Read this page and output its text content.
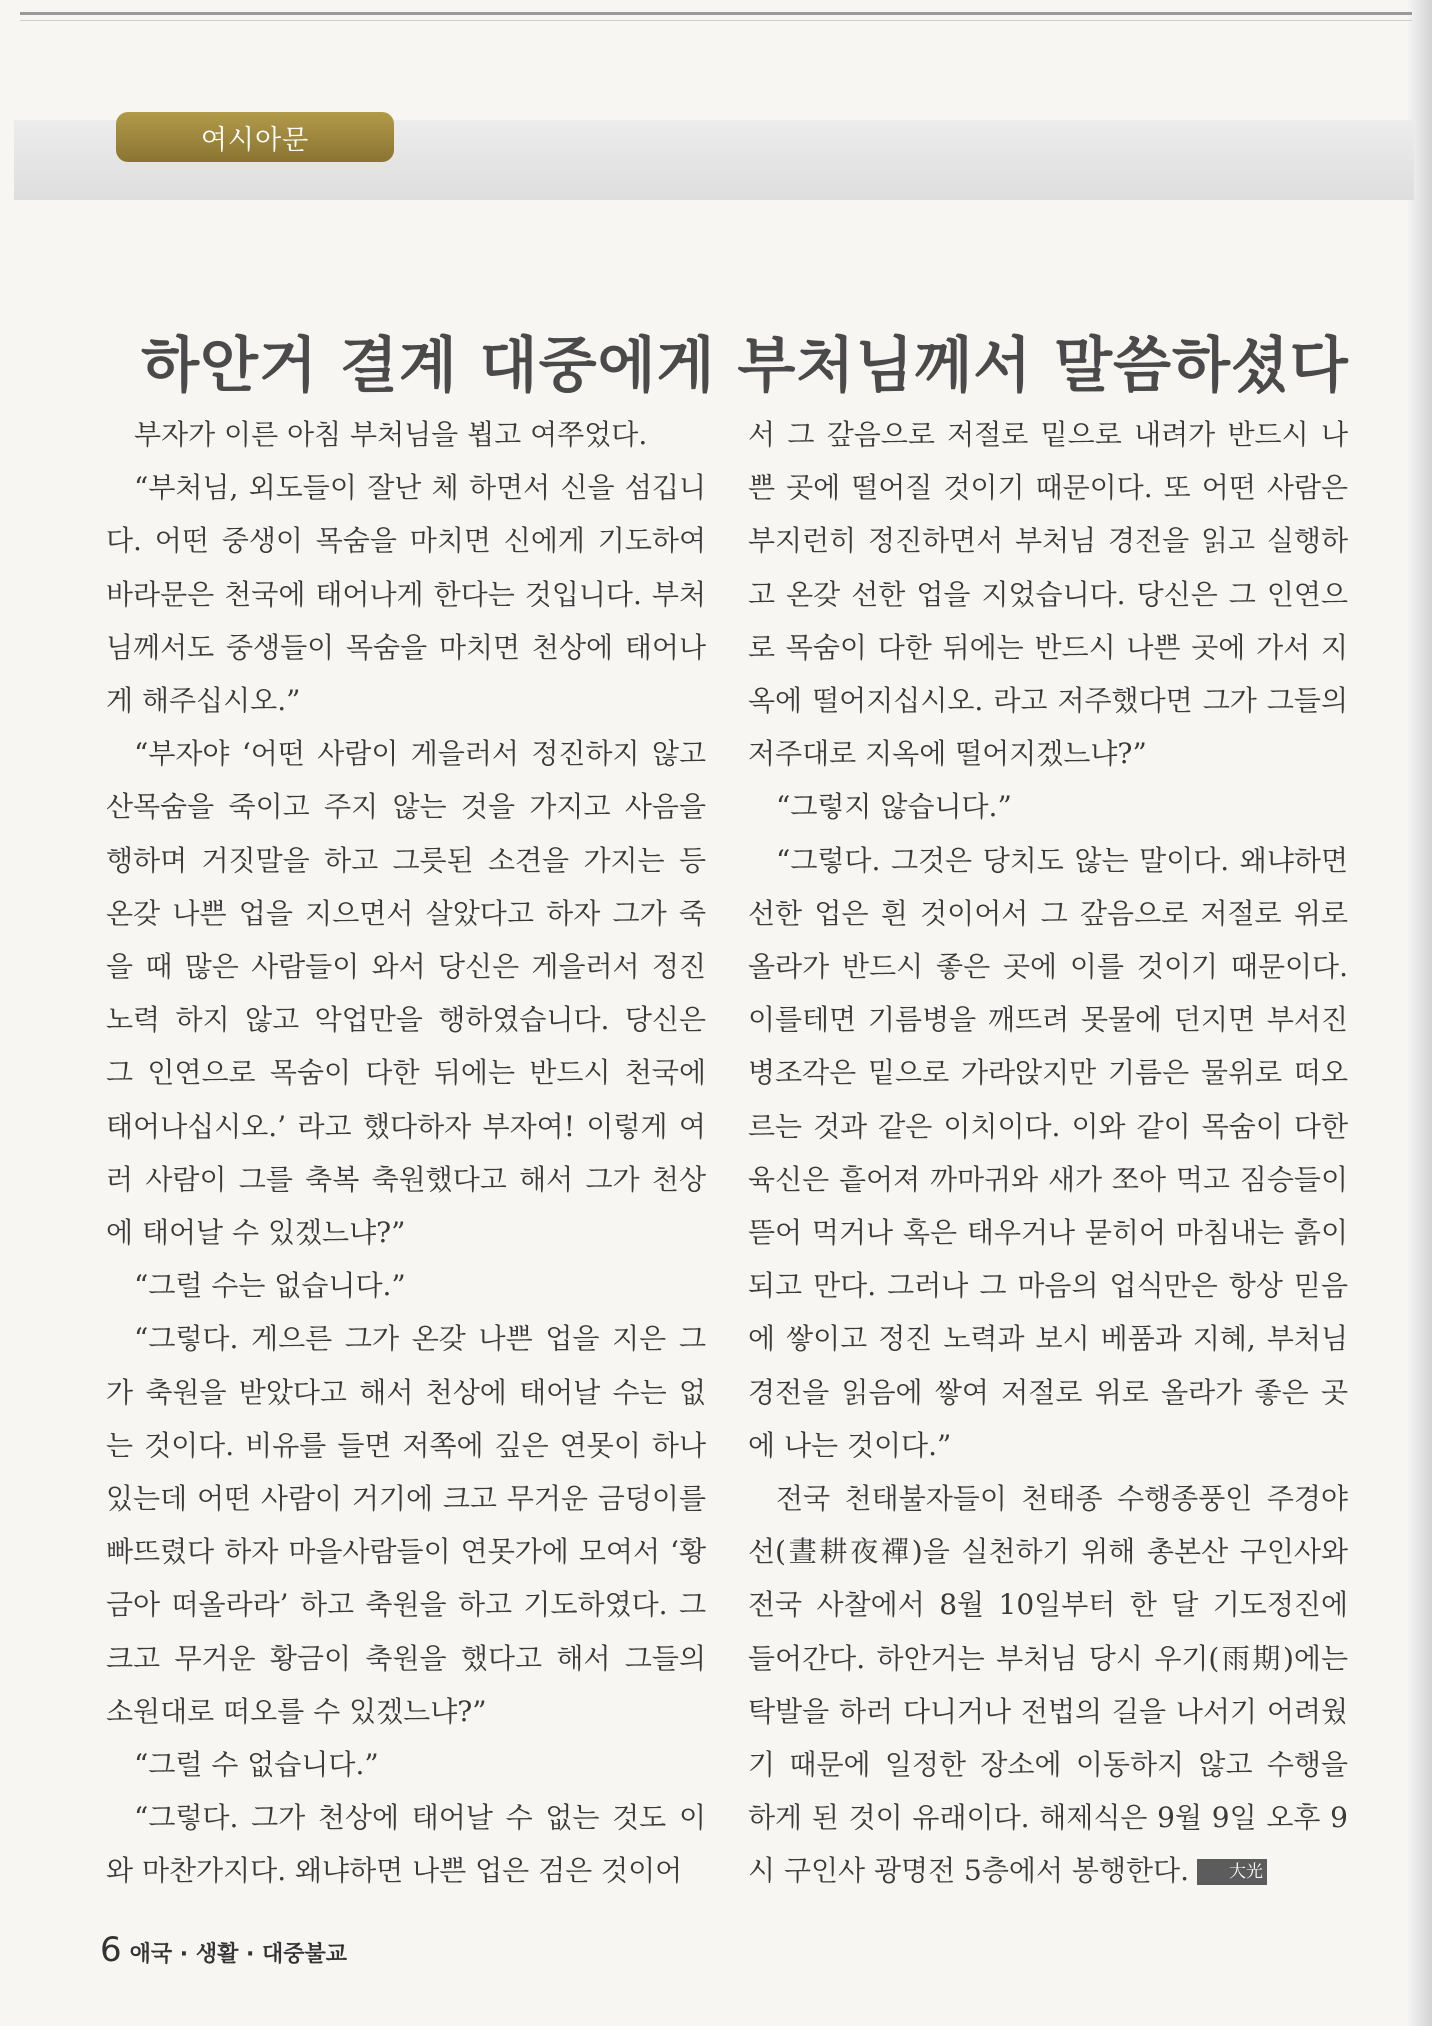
여시아문
하안거 결계 대중에게 부처님께서 말씀하셨다

부자가 이른 아침 부처님을 뵙고 여쭈었다.

“부처님, 외도들이 잘난 체 하면서 신을 섬깁니다. 어떤 중생이 목숨을 마치면 신에게 기도하여 바라문은 천국에 태어나게 한다는 것입니다. 부처님께서도 중생들이 목숨을 마치면 천상에 태어나게 해주십시오.”

“부자야 ‘어떤 사람이 게을러서 정진하지 않고 산목숨을 죽이고 주지 않는 것을 가지고 사음을 행하며 거짓말을 하고 그릇된 소견을 가지는 등 온갖 나쁜 업을 지으면서 살았다고 하자 그가 죽을 때 많은 사람들이 와서 당신은 게을러서 정진 노력 하지 않고 악업만을 행하였습니다. 당신은 그 인연으로 목숨이 다한 뒤에는 반드시 천국에 태어나십시오.’ 라고 했다하자 부자여! 이렇게 여러 사람이 그를 축복 축원했다고 해서 그가 천상에 태어날 수 있겠느냐?”

“그럴 수는 없습니다.”

“그렇다. 게으른 그가 온갖 나쁜 업을 지은 그가 축원을 받았다고 해서 천상에 태어날 수는 없는 것이다. 비유를 들면 저쪽에 깊은 연못이 하나 있는데 어떤 사람이 거기에 크고 무거운 금덩이를 빠뜨렸다 하자 마을사람들이 연못가에 모여서 ‘황금아 떠올라라’ 하고 축원을 하고 기도하였다. 그 크고 무거운 황금이 축원을 했다고 해서 그들의 소원대로 떠오를 수 있겠느냐?”

“그럴 수 없습니다.”

“그렇다. 그가 천상에 태어날 수 없는 것도 이와 마찬가지다. 왜냐하면 나쁜 업은 검은 것이어

서 그 갚음으로 저절로 밑으로 내려가 반드시 나쁜 곳에 떨어질 것이기 때문이다. 또 어떤 사람은 부지런히 정진하면서 부처님 경전을 읽고 실행하고 온갖 선한 업을 지었습니다. 당신은 그 인연으로 목숨이 다한 뒤에는 반드시 나쁜 곳에 가서 지옥에 떨어지십시오. 라고 저주했다면 그가 그들의 저주대로 지옥에 떨어지겠느냐?”

“그렇지 않습니다.”

“그렇다. 그것은 당치도 않는 말이다. 왜냐하면 선한 업은 흰 것이어서 그 갚음으로 저절로 위로 올라가 반드시 좋은 곳에 이를 것이기 때문이다. 이를테면 기름병을 깨뜨려 못물에 던지면 부서진 병조각은 밑으로 가라앉지만 기름은 물위로 떠오르는 것과 같은 이치이다. 이와 같이 목숨이 다한 육신은 흩어져 까마귀와 새가 쪼아 먹고 짐승들이 뜯어 먹거나 혹은 태우거나 묻히어 마침내는 흙이 되고 만다. 그러나 그 마음의 업식만은 항상 믿음에 쌓이고 정진 노력과 보시 베품과 지혜, 부처님 경전을 읽음에 쌓여 저절로 위로 올라가 좋은 곳에 나는 것이다.”

전국 천태불자들이 천태종 수행종풍인 주경야선(晝耕夜禪)을 실천하기 위해 총본산 구인사와 전국 사찰에서 8월 10일부터 한 달 기도정진에 들어간다. 하안거는 부처님 당시 우기(雨期)에는 탁발을 하러 다니거나 전법의 길을 나서기 어려웠기 때문에 일정한 장소에 이동하지 않고 수행을 하게 된 것이 유래이다. 해제식은 9월 9일 오후 9시 구인사 광명전 5층에서 봉행한다. 大光

6 애국 · 생활 · 대중불교
